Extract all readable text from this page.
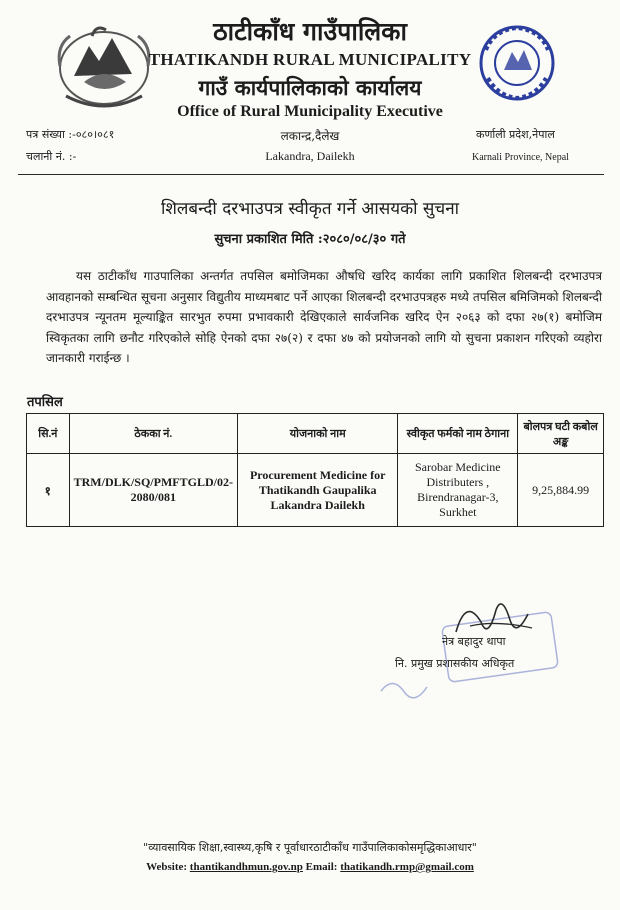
ठाटीकाँध गाउँपालिका
THATIKANDH RURAL MUNICIPALITY
गाउँ कार्यपालिकाको कार्यालय
Office of Rural Municipality Executive
पत्र संख्या :-०८०।०८१
चलानी नं. :-
लकान्द्र,दैलेख
Lakandra, Dailekh
कर्णाली प्रदेश,नेपाल
Karnali Province, Nepal
शिलबन्दी दरभाउपत्र स्वीकृत गर्ने आसयको सुचना
सुचना प्रकाशित मिति :२०८०/०८/३० गते
यस ठाटीकाँध गाउपालिका अन्तर्गत तपसिल बमोजिमका औषधि खरिद कार्यका लागि प्रकाशित शिलबन्दी दरभाउपत्र आवहानको सम्बन्धित सूचना अनुसार विद्युतीय माध्यमबाट पर्ने आएका शिलबन्दी दरभाउपत्रहरु मध्ये तपसिल बमिजिमको शिलबन्दी दरभाउपत्र न्यूनतम मूल्याङ्कित सारभुत रुपमा प्रभावकारी देखिएकाले सार्वजनिक खरिद ऐन २०६३ को दफा २७(१) बमोजिम स्विकृतका लागि छनौट गरिएकोले सोहि ऐनको दफा २७(२) र दफा ४७ को प्रयोजनको लागि यो सुचना प्रकाशन गरिएको व्यहोरा जानकारी गराईन्छ ।
तपसिल
सि.नं	ठेकका नं.	योजनाको नाम	स्वीकृत फर्मको नाम ठेगाना	बोलपत्र घटी कबोल अङ्क
१	TRM/DLK/SQ/PMFTGLD/02-2080/081	Procurement Medicine for Thatikandh Gaupalika Lakandra Dailekh	Sarobar Medicine Distributers , Birendranagar-3, Surkhet	9,25,884.99
नेत्र बहादुर थापा
नि. प्रमुख प्रशासकीय अधिकृत
"व्यावसायिक शिक्षा,स्वास्थ्य,कृषि र पूर्वाधारठाटीकाँध गाउँपालिकाकोसमृद्धिकाआधार"
Website: thantikandhmun.gov.np Email: thatikandh.rmp@gmail.com
